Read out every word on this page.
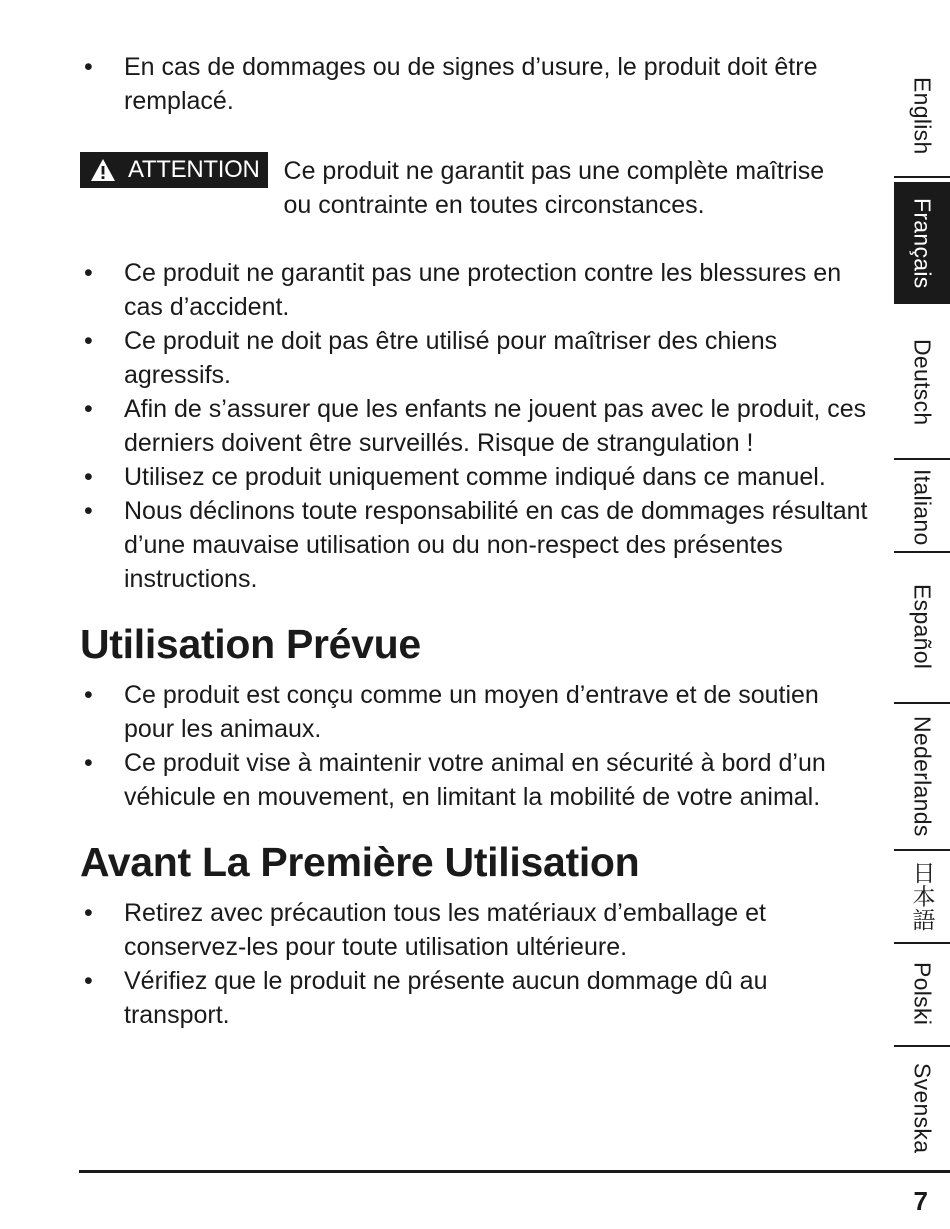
• En cas de dommages ou de signes d’usure, le produit doit être remplacé.
ATTENTION Ce produit ne garantit pas une complète maîtrise ou contrainte en toutes circonstances.
• Ce produit ne garantit pas une protection contre les blessures en cas d’accident.
• Ce produit ne doit pas être utilisé pour maîtriser des chiens agressifs.
• Afin de s’assurer que les enfants ne jouent pas avec le produit, ces derniers doivent être surveillés. Risque de strangulation !
• Utilisez ce produit uniquement comme indiqué dans ce manuel.
• Nous déclinons toute responsabilité en cas de dommages résultant d’une mauvaise utilisation ou du non-respect des présentes instructions.
Utilisation Prévue
• Ce produit est conçu comme un moyen d’entrave et de soutien pour les animaux.
• Ce produit vise à maintenir votre animal en sécurité à bord d’un véhicule en mouvement, en limitant la mobilité de votre animal.
Avant La Première Utilisation
• Retirez avec précaution tous les matériaux d’emballage et conservez-les pour toute utilisation ultérieure.
• Vérifiez que le produit ne présente aucun dommage dû au transport.
English
Français
Deutsch
Italiano
Español
Nederlands
日本語
Polski
Svenska
7
